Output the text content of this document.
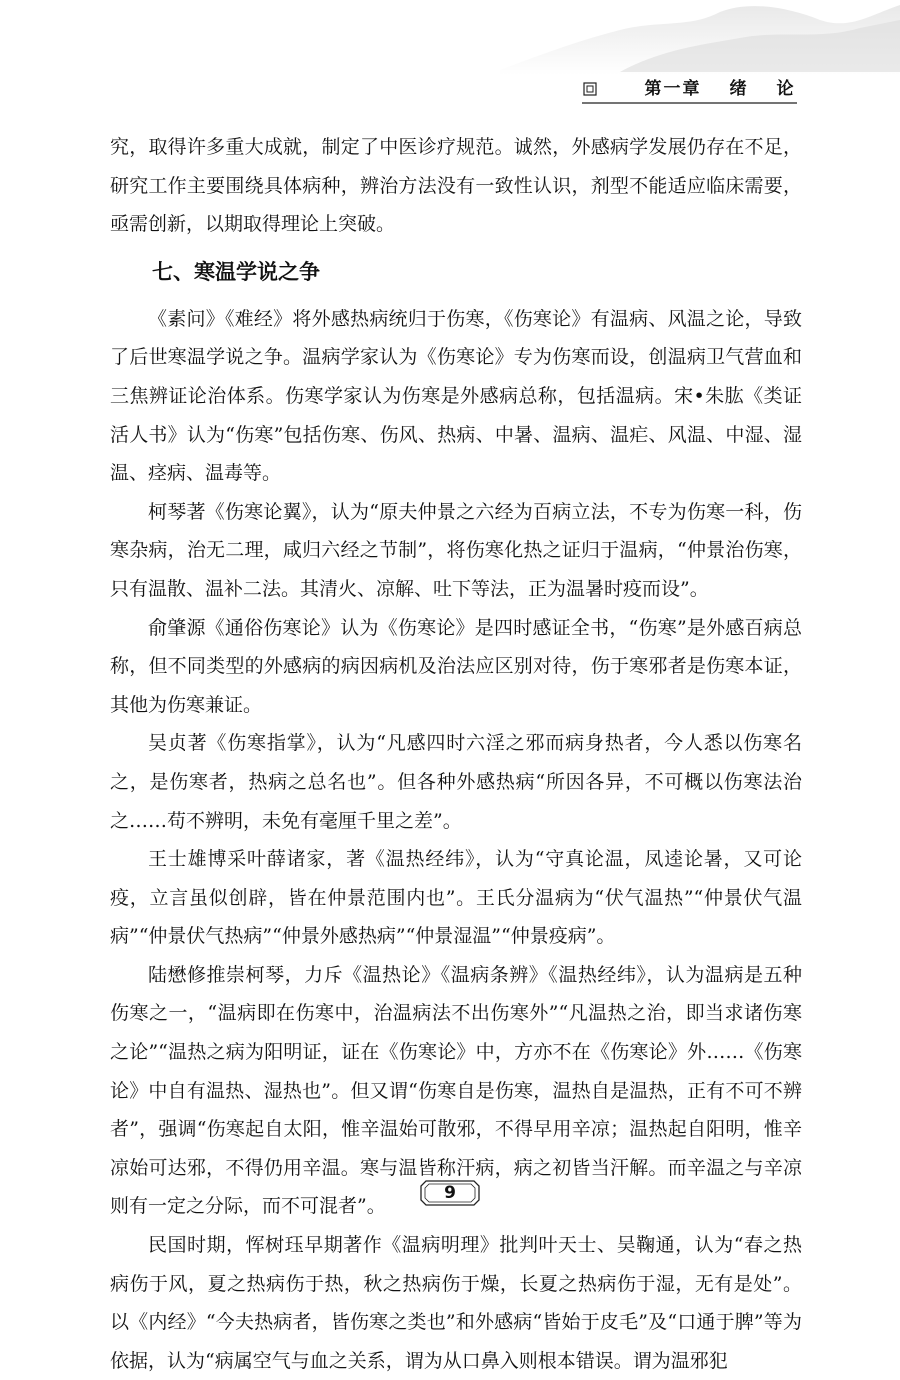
第一章 绪 论

究，取得许多重大成就，制定了中医诊疗规范。诚然，外感病学发展仍存在不足，研究工作主要围绕具体病种，辨治方法没有一致性认识，剂型不能适应临床需要，亟需创新，以期取得理论上突破。

七、寒温学说之争

《素问》《难经》将外感热病统归于伤寒，《伤寒论》有温病、风温之论，导致了后世寒温学说之争。温病学家认为《伤寒论》专为伤寒而设，创温病卫气营血和三焦辨证论治体系。伤寒学家认为伤寒是外感病总称，包括温病。宋•朱肱《类证活人书》认为“伤寒”包括伤寒、伤风、热病、中暑、温病、温疟、风温、中湿、湿温、痉病、温毒等。

柯琴著《伤寒论翼》，认为“原夫仲景之六经为百病立法，不专为伤寒一科，伤寒杂病，治无二理，咸归六经之节制”，将伤寒化热之证归于温病，“仲景治伤寒，只有温散、温补二法。其清火、凉解、吐下等法，正为温暑时疫而设”。

俞肇源《通俗伤寒论》认为《伤寒论》是四时感证全书，“伤寒”是外感百病总称，但不同类型的外感病的病因病机及治法应区别对待，伤于寒邪者是伤寒本证，其他为伤寒兼证。

吴贞著《伤寒指掌》，认为“凡感四时六淫之邪而病身热者，今人悉以伤寒名之，是伤寒者，热病之总名也”。但各种外感热病“所因各异，不可概以伤寒法治之……苟不辨明，未免有毫厘千里之差”。

王士雄博采叶薛诸家，著《温热经纬》，认为“守真论温，凤逵论暑，又可论疫，立言虽似创辟，皆在仲景范围内也”。王氏分温病为“伏气温热”“仲景伏气温病”“仲景伏气热病”“仲景外感热病”“仲景湿温”“仲景疫病”。

陆懋修推崇柯琴，力斥《温热论》《温病条辨》《温热经纬》，认为温病是五种伤寒之一，“温病即在伤寒中，治温病法不出伤寒外”“凡温热之治，即当求诸伤寒之论”“温热之病为阳明证，证在《伤寒论》中，方亦不在《伤寒论》外……《伤寒论》中自有温热、湿热也”。但又谓“伤寒自是伤寒，温热自是温热，正有不可不辨者”，强调“伤寒起自太阳，惟辛温始可散邪，不得早用辛凉；温热起自阳明，惟辛凉始可达邪，不得仍用辛温。寒与温皆称汗病，病之初皆当汗解。而辛温之与辛凉则有一定之分际，而不可混者”。

民国时期，恽树珏早期著作《温病明理》批判叶天士、吴鞠通，认为“春之热病伤于风，夏之热病伤于热，秋之热病伤于燥，长夏之热病伤于湿，无有是处”。以《内经》“今夫热病者，皆伤寒之类也”和外感病“皆始于皮毛”及“口通于脾”等为依据，认为“病属空气与血之关系，谓为从口鼻入则根本错误。谓为温邪犯

9
